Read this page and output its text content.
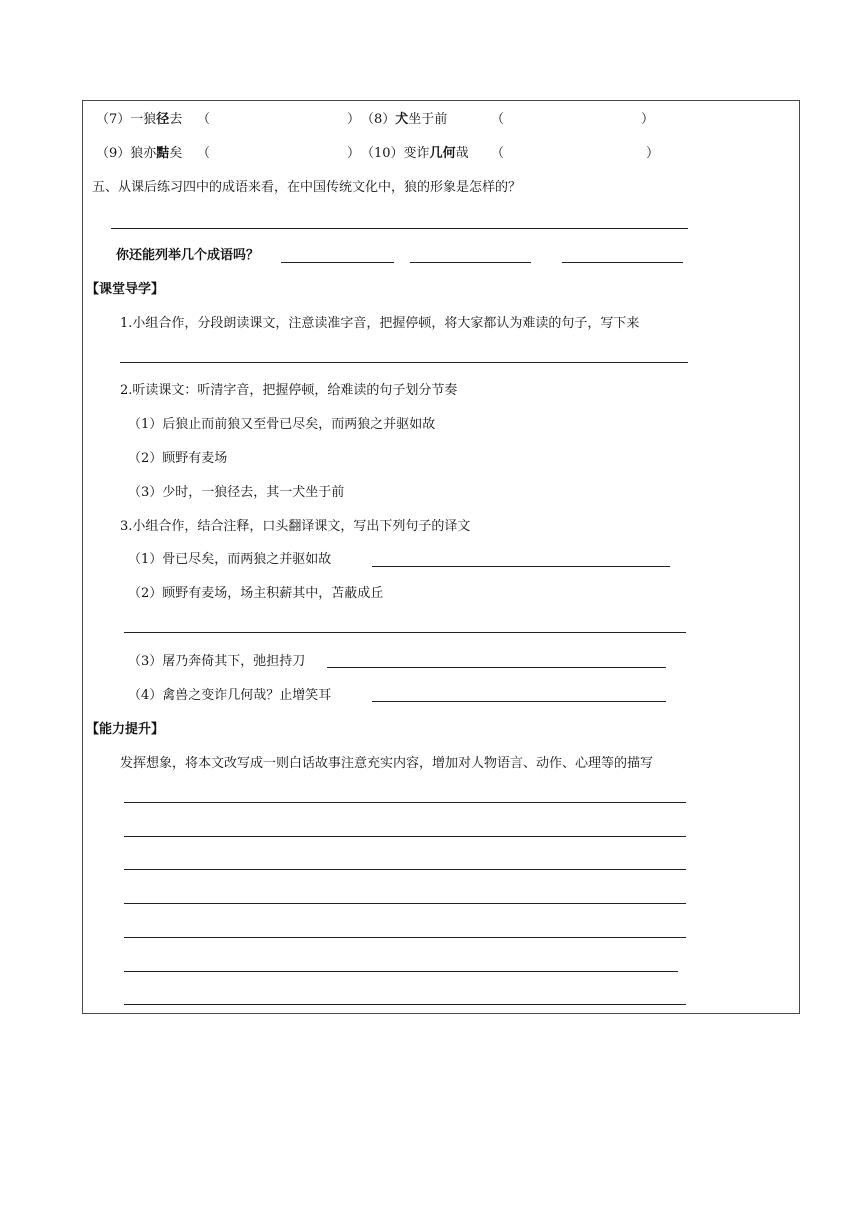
（7）一狼径去 （	） （8）犬坐于前	（	）
（9）狼亦黠矣 （	） （10）变诈几何哉 （	）
五、从课后练习四中的成语来看，在中国传统文化中，狼的形象是怎样的？
你还能列举几个成语吗？
【课堂导学】
1.小组合作，分段朗读课文，注意读准字音，把握停顿，将大家都认为难读的句子，写下来
2.听读课文：听清字音，把握停顿，给难读的句子划分节奏
（1）后狼止而前狼又至骨已尽矣，而两狼之并驱如故
（2）顾野有麦场
（3）少时，一狼径去，其一犬坐于前
3.小组合作，结合注释，口头翻译课文，写出下列句子的译文
（1）骨已尽矣，而两狼之并驱如故
（2）顾野有麦场，场主积薪其中，苫蔽成丘
（3）屠乃奔倚其下，弛担持刀
（4）禽兽之变诈几何哉？止增笑耳
【能力提升】
发挥想象，将本文改写成一则白话故事注意充实内容，增加对人物语言、动作、心理等的描写
